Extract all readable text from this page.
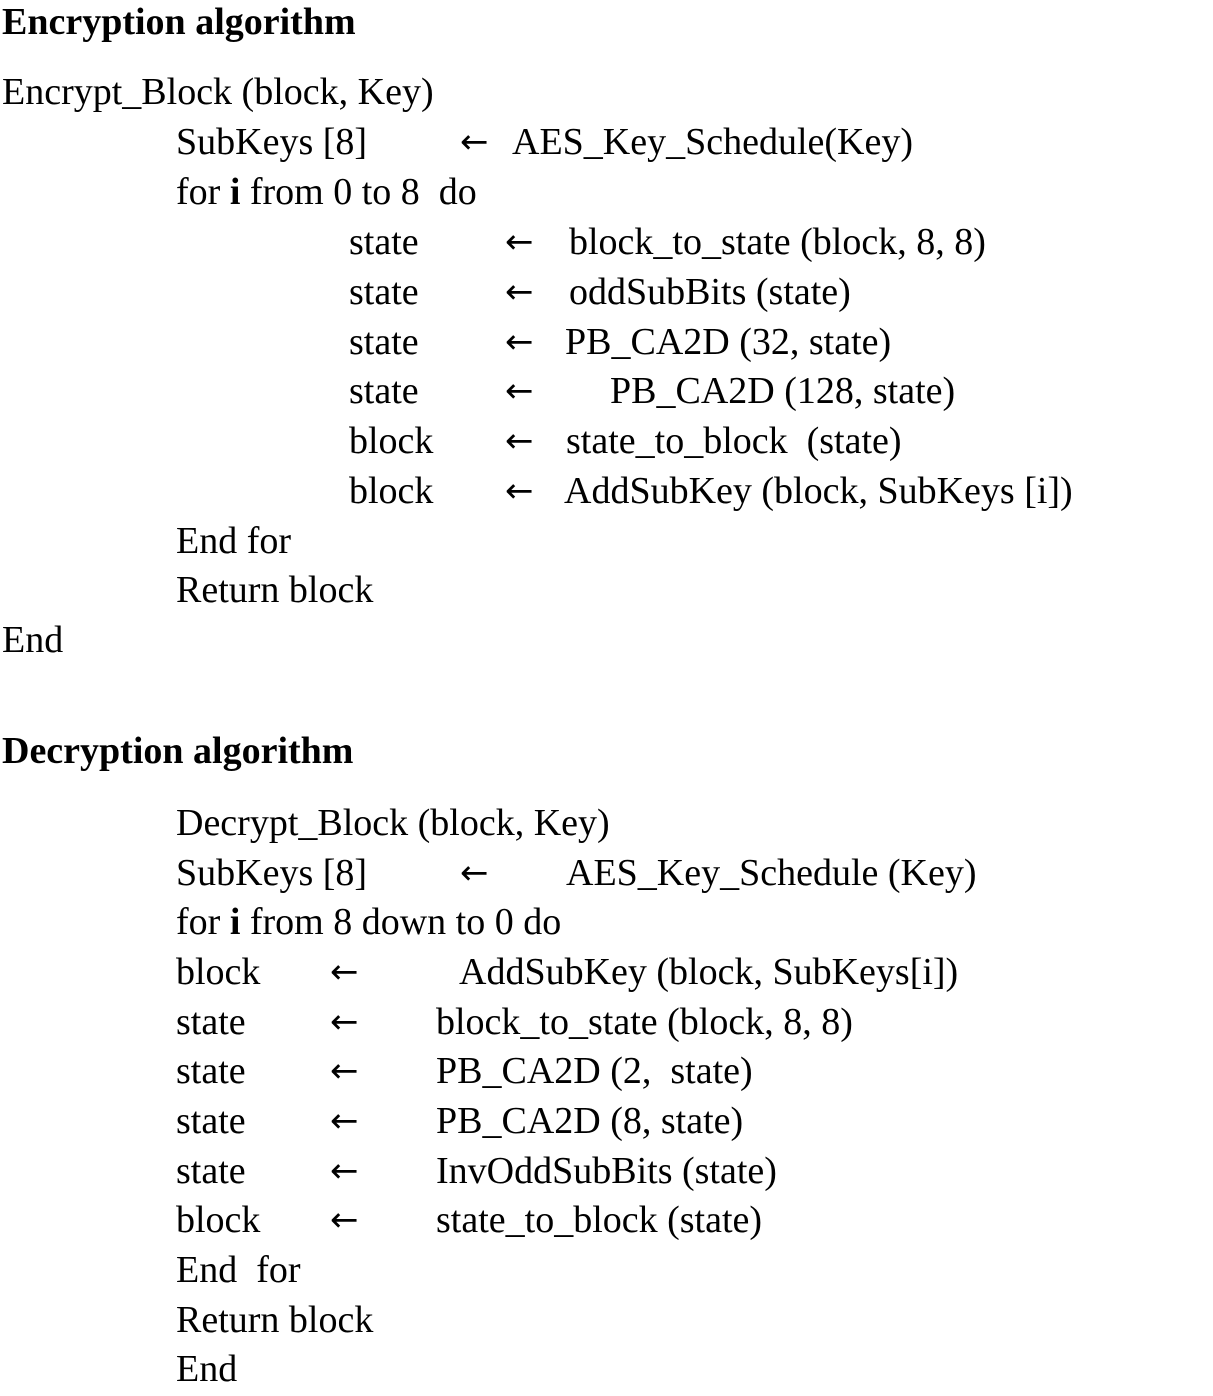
Encryption algorithm
Encrypt_Block (block, Key)
SubKeys [8]	← AES_Key_Schedule(Key)
for i from 0 to 8  do
state	← block_to_state (block, 8, 8)
state	← oddSubBits (state)
state	← PB_CA2D (32, state)
state	← PB_CA2D (128, state)
block ← state_to_block  (state)
block ← AddSubKey (block, SubKeys [i])
End for
Return block
End
Decryption algorithm
Decrypt_Block (block, Key)
SubKeys [8]	← AES_Key_Schedule (Key)
for i from 8 down to 0 do
block ←	AddSubKey (block, SubKeys[i])
state ← block_to_state (block, 8, 8)
state ← PB_CA2D (2,  state)
state ← PB_CA2D (8, state)
state ← InvOddSubBits (state)
block ← state_to_block (state)
End  for
Return block
End
